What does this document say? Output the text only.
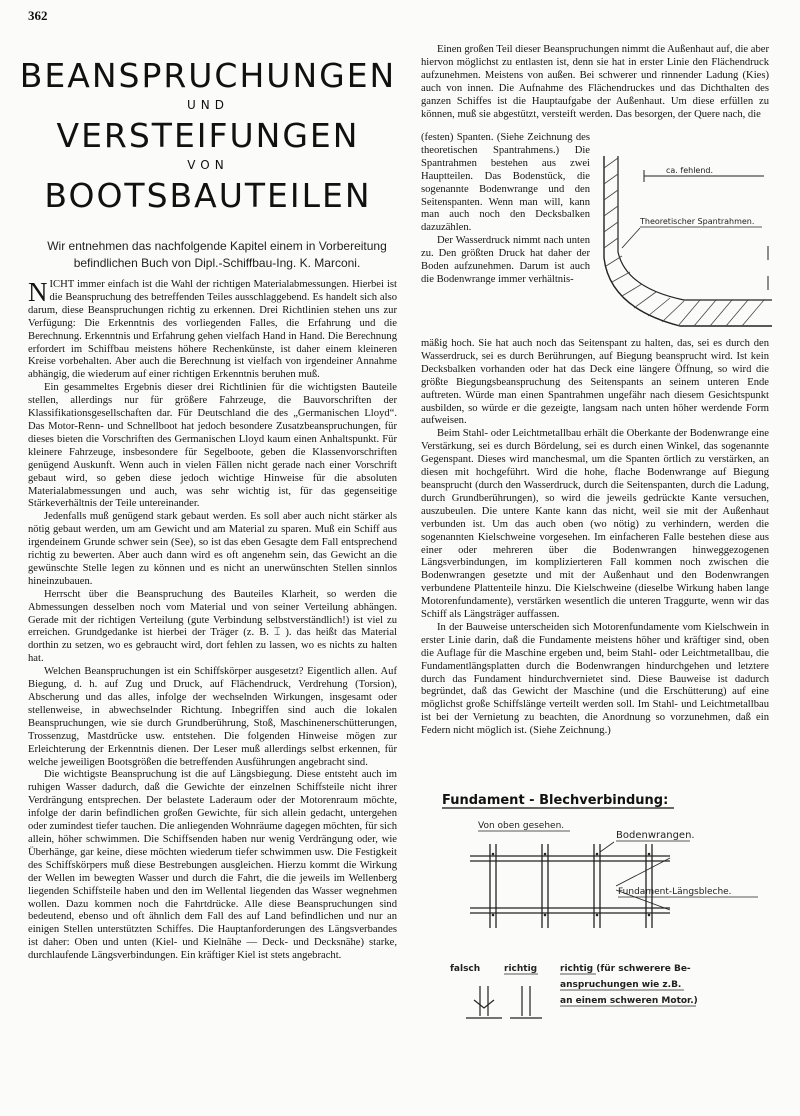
362
BEANSPRUCHUNGEN
UND
VERSTEIFUNGEN
VON
BOOTSBAUTEILEN
Wir entnehmen das nachfolgende Kapitel einem in Vorbereitung befindlichen Buch von Dipl.-Schiffbau-Ing. K. Marconi.

NICHT immer einfach ist die Wahl der richtigen Materialabmessungen. Hierbei ist die Beanspruchung des betreffenden Teiles ausschlaggebend. Es handelt sich also darum, diese Beanspruchungen richtig zu erkennen. Drei Richtlinien stehen uns zur Verfügung: Die Erkenntnis des vorliegenden Falles, die Erfahrung und die Berechnung. Erkenntnis und Erfahrung gehen vielfach Hand in Hand. Die Berechnung erfordert im Schiffbau meistens höhere Rechenkünste, ist daher einem kleineren Kreise vorbehalten. Aber auch die Berechnung ist vielfach von irgendeiner Annahme abhängig, die wiederum auf einer richtigen Erkenntnis beruhen muß.

Ein gesammeltes Ergebnis dieser drei Richtlinien für die wichtigsten Bauteile stellen, allerdings nur für größere Fahrzeuge, die Bauvorschriften der Klassifikationsgesellschaften dar. Für Deutschland die des „Germanischen Lloyd“. Das Motor-Renn- und Schnellboot hat jedoch besondere Zusatzbeanspruchungen, für dieses bieten die Vorschriften des Germanischen Lloyd kaum einen Anhaltspunkt. Für kleinere Fahrzeuge, insbesondere für Segelboote, geben die Klassenvorschriften genügend Auskunft. Wenn auch in vielen Fällen nicht gerade nach einer Vorschrift gebaut wird, so geben diese jedoch wichtige Hinweise für die absoluten Materialabmessungen und auch, was sehr wichtig ist, für das gegenseitige Stärkeverhältnis der Teile untereinander.

Jedenfalls muß genügend stark gebaut werden. Es soll aber auch nicht stärker als nötig gebaut werden, um am Gewicht und am Material zu sparen. Muß ein Schiff aus irgendeinem Grunde schwer sein (See), so ist das eben Gesagte dem Fall entsprechend richtig zu bewerten. Aber auch dann wird es oft angenehm sein, das Gewicht an die gewünschte Stelle legen zu können und es nicht an unerwünschten Stellen sinnlos hineinzubauen.

Herrscht über die Beanspruchung des Bauteiles Klarheit, so werden die Abmessungen desselben noch vom Material und von seiner Verteilung abhängen. Gerade mit der richtigen Verteilung (gute Verbindung selbstverständlich!) ist viel zu erreichen. Grundgedanke ist hierbei der Träger (z. B. ⌶ ). das heißt das Material dorthin zu setzen, wo es gebraucht wird, dort fehlen zu lassen, wo es nichts zu halten hat.

Welchen Beanspruchungen ist ein Schiffskörper ausgesetzt? Eigentlich allen. Auf Biegung, d. h. auf Zug und Druck, auf Flächendruck, Verdrehung (Torsion), Abscherung und das alles, infolge der wechselnden Wirkungen, insgesamt oder stellenweise, in abwechselnder Richtung. Inbegriffen sind auch die lokalen Beanspruchungen, wie sie durch Grundberührung, Stoß, Maschinenerschütterungen, Trossenzug, Mastdrücke usw. entstehen. Die folgenden Hinweise mögen zur Erleichterung der Erkenntnis dienen. Der Leser muß allerdings selbst erkennen, für welche jeweiligen Bootsgrößen die betreffenden Ausführungen angebracht sind.

Die wichtigste Beanspruchung ist die auf Längsbiegung. Diese entsteht auch im ruhigen Wasser dadurch, daß die Gewichte der einzelnen Schiffsteile nicht ihrer Verdrängung entsprechen. Der belastete Laderaum oder der Motorenraum möchte, infolge der darin befindlichen großen Gewichte, für sich allein gedacht, untergehen oder zumindest tiefer tauchen. Die anliegenden Wohnräume dagegen möchten, für sich allein, höher schwimmen. Die Schiffsenden haben nur wenig Verdrängung oder, wie Überhänge, gar keine, diese möchten wiederum tiefer schwimmen usw. Die Festigkeit des Schiffskörpers muß diese Bestrebungen ausgleichen. Hierzu kommt die Wirkung der Wellen im bewegten Wasser und durch die Fahrt, die die jeweils im Wellenberg liegenden Schiffsteile haben und den im Wellental liegenden das Wasser wegnehmen wollen. Dazu kommen noch die Fahrtdrücke. Alle diese Beanspruchungen sind bedeutend, ebenso und oft ähnlich dem Fall des auf Land befindlichen und nur an einigen Stellen unterstützten Schiffes. Die Hauptanforderungen des Längsverbandes ist daher: Oben und unten (Kiel- und Kielnähe — Deck- und Decksnähe) starke, durchlaufende Längsverbindungen. Ein kräftiger Kiel ist stets angebracht.

Einen großen Teil dieser Beanspruchungen nimmt die Außenhaut auf, die aber hiervon möglichst zu entlasten ist, denn sie hat in erster Linie den Flächendruck aufzunehmen. Meistens von außen. Bei schwerer und rinnender Ladung (Kies) auch von innen. Die Aufnahme des Flächendruckes und das Dichthalten des ganzen Schiffes ist die Hauptaufgabe der Außenhaut. Um diese erfüllen zu können, muß sie abgestützt, versteift werden. Das besorgen, der Quere nach, die

(festen) Spanten. (Siehe Zeichnung des theoretischen Spantrahmens.) Die Spantrahmen bestehen aus zwei Hauptteilen. Das Bodenstück, die sogenannte Bodenwrange und den Seitenspanten. Wenn man will, kann man auch noch den Decksbalken dazuzählen.

Der Wasserdruck nimmt nach unten zu. Den größten Druck hat daher der Boden aufzunehmen. Darum ist auch die Bodenwrange immer verhältnis-

ca. fehlend.
Theoretischer Spantrahmen.

mäßig hoch. Sie hat auch noch das Seitenspant zu halten, das, sei es durch den Wasserdruck, sei es durch Berührungen, auf Biegung beansprucht wird. Ist kein Decksbalken vorhanden oder hat das Deck eine längere Öffnung, so wird die größte Biegungsbeanspruchung des Seitenspants an seinem unteren Ende auftreten. Würde man einen Spantrahmen ungefähr nach diesem Gesichtspunkt ausbilden, so würde er die gezeigte, langsam nach unten höher werdende Form aufweisen.

Beim Stahl- oder Leichtmetallbau erhält die Oberkante der Bodenwrange eine Verstärkung, sei es durch Bördelung, sei es durch einen Winkel, das sogenannte Gegenspant. Dieses wird manchesmal, um die Spanten örtlich zu verstärken, an diesen mit hochgeführt. Wird die hohe, flache Bodenwrange auf Biegung beansprucht (durch den Wasserdruck, durch die Seitenspanten, durch die Ladung, durch Grundberührungen), so wird die jeweils gedrückte Kante versuchen, auszubeulen. Die untere Kante kann das nicht, weil sie mit der Außenhaut verbunden ist. Um das auch oben (wo nötig) zu verhindern, werden die sogenannten Kielschweine vorgesehen. Im einfacheren Falle bestehen diese aus einer oder mehreren über die Bodenwrangen hinweggezogenen Längsverbindungen, im komplizierteren Fall kommen noch zwischen die Bodenwrangen gesetzte und mit der Außenhaut und den Bodenwrangen verbundene Plattenteile hinzu. Die Kielschweine (dieselbe Wirkung haben lange Motorenfundamente), verstärken wesentlich die unteren Traggurte, wenn wir das Schiff als Längsträger auffassen.

In der Bauweise unterscheiden sich Motorenfundamente vom Kielschwein in erster Linie darin, daß die Fundamente meistens höher und kräftiger sind, oben die Auflage für die Maschine ergeben und, beim Stahl- oder Leichtmetallbau, die Fundamentlängsplatten durch die Bodenwrangen hindurchgehen und letztere durch das Fundament hindurchvernietet sind. Diese Bauweise ist dadurch begründet, daß das Gewicht der Maschine (und die Erschütterung) auf eine möglichst große Schiffslänge verteilt werden soll. Im Stahl- und Leichtmetallbau ist bei der Vernietung zu beachten, die Anordnung so vorzunehmen, daß ein Federn nicht möglich ist. (Siehe Zeichnung.)

Fundament - Blechverbindung:
Von oben gesehen.
Bodenwrangen.
Fundament-Längsbleche.
falsch	richtig	richtig (für schwerere Be-
anspruchungen wie z.B.
an einem schweren Motor.)
